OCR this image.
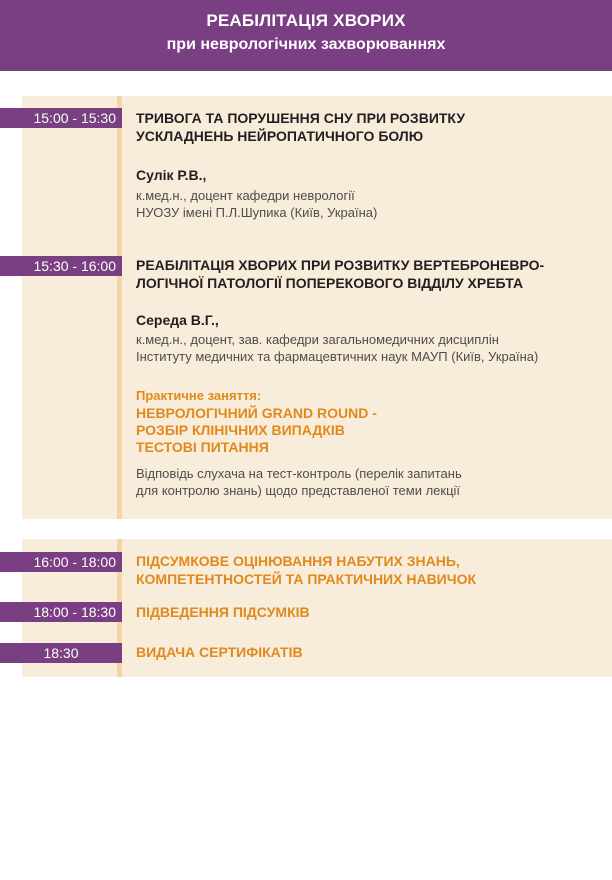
РЕАБІЛІТАЦІЯ ХВОРИХ
при неврологічних захворюваннях
15:00 - 15:30	ТРИВОГА ТА ПОРУШЕННЯ СНУ ПРИ РОЗВИТКУ
УСКЛАДНЕНЬ НЕЙРОПАТИЧНОГО БОЛЮ
Сулік Р.В.,
к.мед.н., доцент кафедри неврології
НУОЗУ імені П.Л.Шупика (Київ, Україна)
15:30 - 16:00	РЕАБІЛІТАЦІЯ ХВОРИХ ПРИ РОЗВИТКУ ВЕРТЕБРОНЕВРО-
ЛОГІЧНОЇ ПАТОЛОГІЇ ПОПЕРЕКОВОГО ВІДДІЛУ ХРЕБТА
Середа В.Г.,
к.мед.н., доцент, зав. кафедри загальномедичних дисциплін
Інституту медичних та фармацевтичних наук МАУП (Київ, Україна)
Практичне заняття:
НЕВРОЛОГІЧНИЙ GRAND ROUND -
РОЗБІР КЛІНІЧНИХ ВИПАДКІВ
ТЕСТОВІ ПИТАННЯ
Відповідь слухача на тест-контроль (перелік запитань
для контролю знань) щодо представленої теми лекції
16:00 - 18:00	ПІДСУМКОВЕ ОЦІНЮВАННЯ НАБУТИХ ЗНАНЬ,
КОМПЕТЕНТНОСТЕЙ ТА ПРАКТИЧНИХ НАВИЧОК
18:00 - 18:30	ПІДВЕДЕННЯ ПІДСУМКІВ
18:30	ВИДАЧА СЕРТИФІКАТІВ
